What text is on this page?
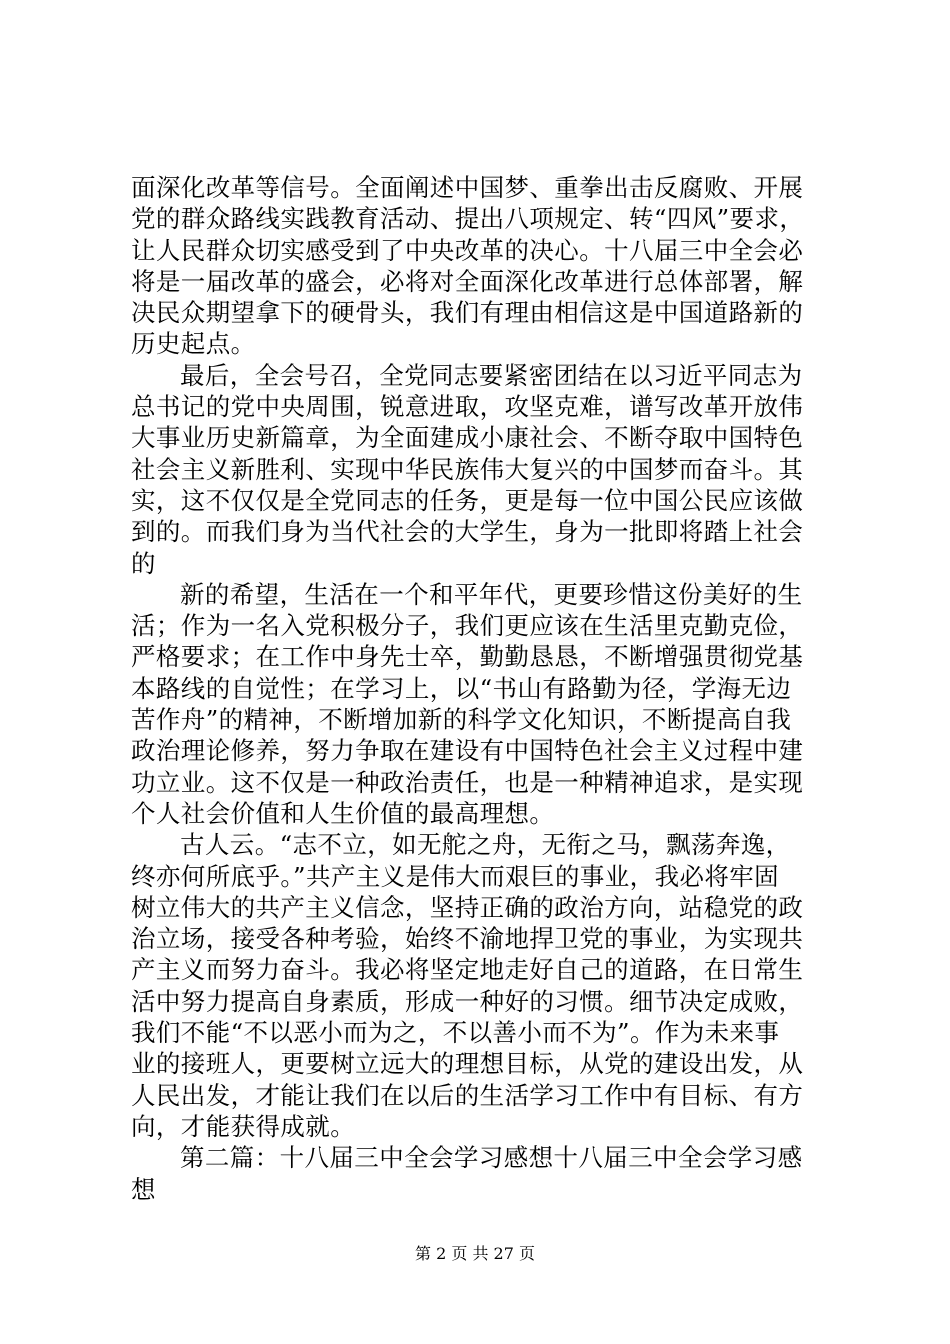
面深化改革等信号。全面阐述中国梦、重拳出击反腐败、开展
党的群众路线实践教育活动、提出八项规定、转“四风”要求，
让人民群众切实感受到了中央改革的决心。十八届三中全会必
将是一届改革的盛会，必将对全面深化改革进行总体部署，解
决民众期望拿下的硬骨头，我们有理由相信这是中国道路新的
历史起点。
最后，全会号召，全党同志要紧密团结在以习近平同志为
总书记的党中央周围，锐意进取，攻坚克难，谱写改革开放伟
大事业历史新篇章，为全面建成小康社会、不断夺取中国特色
社会主义新胜利、实现中华民族伟大复兴的中国梦而奋斗。其
实，这不仅仅是全党同志的任务，更是每一位中国公民应该做
到的。而我们身为当代社会的大学生，身为一批即将踏上社会
的
新的希望，生活在一个和平年代，更要珍惜这份美好的生
活；作为一名入党积极分子，我们更应该在生活里克勤克俭，
严格要求；在工作中身先士卒，勤勤恳恳，不断增强贯彻党基
本路线的自觉性；在学习上，以“书山有路勤为径，学海无边
苦作舟”的精神，不断增加新的科学文化知识，不断提高自我
政治理论修养，努力争取在建设有中国特色社会主义过程中建
功立业。这不仅是一种政治责任，也是一种精神追求，是实现
个人社会价值和人生价值的最高理想。
古人云。“志不立，如无舵之舟，无衔之马，飘荡奔逸，
终亦何所底乎。”共产主义是伟大而艰巨的事业，我必将牢固
树立伟大的共产主义信念，坚持正确的政治方向，站稳党的政
治立场，接受各种考验，始终不渝地捍卫党的事业，为实现共
产主义而努力奋斗。我必将坚定地走好自己的道路，在日常生
活中努力提高自身素质，形成一种好的习惯。细节决定成败，
我们不能“不以恶小而为之，不以善小而不为”。作为未来事
业的接班人，更要树立远大的理想目标，从党的建设出发，从
人民出发，才能让我们在以后的生活学习工作中有目标、有方
向，才能获得成就。
第二篇：十八届三中全会学习感想十八届三中全会学习感
想
第 2 页 共 27 页
